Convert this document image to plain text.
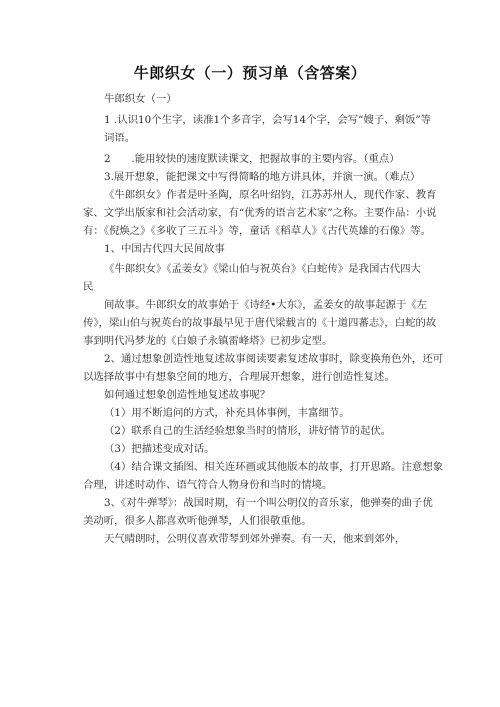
牛郎织女（一）预习单（含答案）
牛郎织女（一）
1 .认识10个生字，读准1个多音字，会写14个字，会写“嫂子、剩饭”等
词语。
2　　.能用较快的速度默读课文，把握故事的主要内容。（重点）
3.展开想象，能把课文中写得简略的地方讲具体，并演一演。（难点）
《牛郎织女》作者是叶圣陶，原名叶绍钧，江苏苏州人，现代作家、教育
家、文学出版家和社会活动家，有“优秀的语言艺术家”之称。主要作品：小说
有：《倪焕之》《多收了三五斗》等，童话《稻草人》《古代英雄的石像》等。
1、中国古代四大民间故事
《牛郎织女》《孟姜女》《梁山伯与祝英台》《白蛇传》是我国古代四大
民
间故事。牛郎织女的故事始于《诗经•大东》，孟姜女的故事起源于《左
传》，梁山伯与祝英台的故事最早见于唐代梁载言的《十道四蕃志》，白蛇的故
事到明代冯梦龙的《白娘子永镇雷峰塔》已初步定型。
2、通过想象创造性地复述故事阅读要素复述故事时，除变换角色外，还可
以选择故事中有想象空间的地方，合理展开想象，进行创造性复述。
如何通过想象创造性地复述故事呢？
（1）用不断追问的方式，补充具体事例，丰富细节。
（2）联系自己的生活经验想象当时的情形，讲好情节的起伏。
（3）把描述变成对话。
（4）结合课文插图、相关连环画或其他版本的故事，打开思路。注意想象
合理，讲述时动作、语气符合人物身份和当时的情境。
3、《对牛弹琴》：战国时期，有一个叫公明仪的音乐家，他弹奏的曲子优
美动听，很多人都喜欢听他弹琴，人们很敬重他。
天气晴朗时，公明仪喜欢带琴到郊外弹奏。有一天，他来到郊外，
